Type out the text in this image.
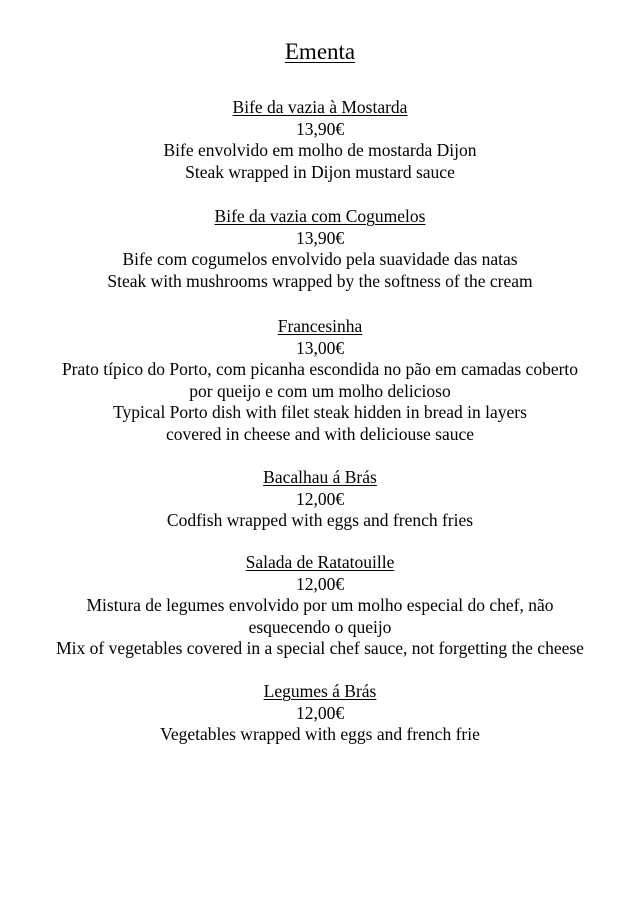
Ementa
Bife da vazia à Mostarda
13,90€
Bife envolvido em molho de mostarda Dijon
Steak wrapped in Dijon mustard sauce
Bife da vazia com Cogumelos
13,90€
Bife com cogumelos envolvido pela suavidade das natas
Steak with mushrooms wrapped by the softness of the cream
Francesinha
13,00€
Prato típico do Porto, com picanha escondida no pão em camadas coberto
por queijo e com um molho delicioso
Typical Porto dish with filet steak hidden in bread in layers
covered in cheese and with deliciouse sauce
Bacalhau á Brás
12,00€
Codfish wrapped with eggs and french fries
Salada de Ratatouille
12,00€
Mistura de legumes envolvido por um molho especial do chef, não
esquecendo o queijo
Mix of vegetables covered in a special chef sauce, not forgetting the cheese
Legumes á Brás
12,00€
Vegetables wrapped with eggs and french frie
